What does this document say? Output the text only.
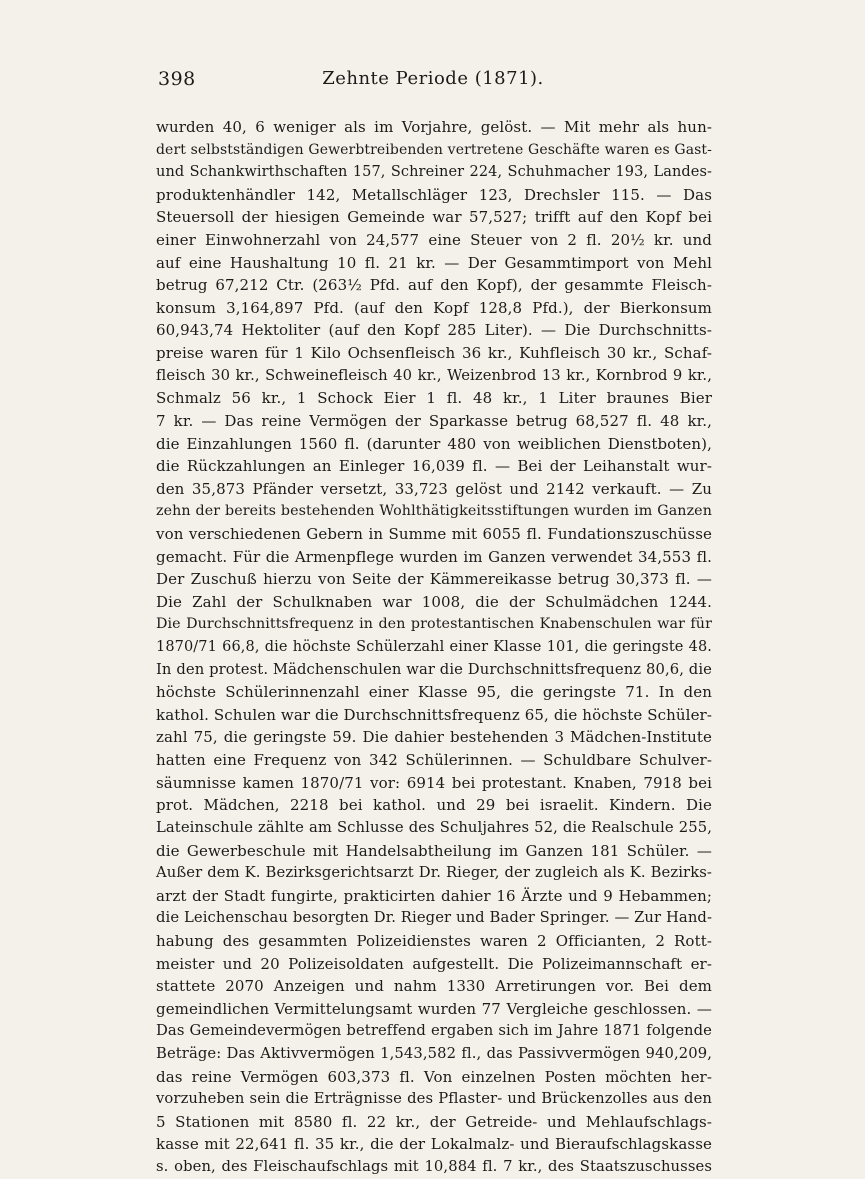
398	Zehnte Periode (1871).
wurden 40, 6 weniger als im Vorjahre, gelöst. — Mit mehr als hun-
dert selbstständigen Gewerbtreibenden vertretene Geschäfte waren es Gast-
und Schankwirthschaften 157, Schreiner 224, Schuhmacher 193, Landes-
produktenhändler 142, Metallschläger 123, Drechsler 115. — Das
Steuersoll der hiesigen Gemeinde war 57,527; trifft auf den Kopf bei
einer Einwohnerzahl von 24,577 eine Steuer von 2 fl. 20½ kr. und
auf eine Haushaltung 10 fl. 21 kr. — Der Gesammtimport von Mehl
betrug 67,212 Ctr. (263½ Pfd. auf den Kopf), der gesammte Fleisch-
konsum 3,164,897 Pfd. (auf den Kopf 128,8 Pfd.), der Bierkonsum
60,943,74 Hektoliter (auf den Kopf 285 Liter). — Die Durchschnitts-
preise waren für 1 Kilo Ochsenfleisch 36 kr., Kuhfleisch 30 kr., Schaf-
fleisch 30 kr., Schweinefleisch 40 kr., Weizenbrod 13 kr., Kornbrod 9 kr.,
Schmalz 56 kr., 1 Schock Eier 1 fl. 48 kr., 1 Liter braunes Bier
7 kr. — Das reine Vermögen der Sparkasse betrug 68,527 fl. 48 kr.,
die Einzahlungen 1560 fl. (darunter 480 von weiblichen Dienstboten),
die Rückzahlungen an Einleger 16,039 fl. — Bei der Leihanstalt wur-
den 35,873 Pfänder versetzt, 33,723 gelöst und 2142 verkauft. — Zu
zehn der bereits bestehenden Wohlthätigkeitsstiftungen wurden im Ganzen
von verschiedenen Gebern in Summe mit 6055 fl. Fundationszuschüsse
gemacht. Für die Armenpflege wurden im Ganzen verwendet 34,553 fl.
Der Zuschuß hierzu von Seite der Kämmereikasse betrug 30,373 fl. —
Die Zahl der Schulknaben war 1008, die der Schulmädchen 1244.
Die Durchschnittsfrequenz in den protestantischen Knabenschulen war für
1870/71 66,8, die höchste Schülerzahl einer Klasse 101, die geringste 48.
In den protest. Mädchenschulen war die Durchschnittsfrequenz 80,6, die
höchste Schülerinnenzahl einer Klasse 95, die geringste 71. In den
kathol. Schulen war die Durchschnittsfrequenz 65, die höchste Schüler-
zahl 75, die geringste 59. Die dahier bestehenden 3 Mädchen-Institute
hatten eine Frequenz von 342 Schülerinnen. — Schuldbare Schulver-
säumnisse kamen 1870/71 vor: 6914 bei protestant. Knaben, 7918 bei
prot. Mädchen, 2218 bei kathol. und 29 bei israelit. Kindern. Die
Lateinschule zählte am Schlusse des Schuljahres 52, die Realschule 255,
die Gewerbeschule mit Handelsabtheilung im Ganzen 181 Schüler. —
Außer dem K. Bezirksgerichtsarzt Dr. Rieger, der zugleich als K. Bezirks-
arzt der Stadt fungirte, prakticirten dahier 16 Ärzte und 9 Hebammen;
die Leichenschau besorgten Dr. Rieger und Bader Springer. — Zur Hand-
habung des gesammten Polizeidienstes waren 2 Officianten, 2 Rott-
meister und 20 Polizeisoldaten aufgestellt. Die Polizeimannschaft er-
stattete 2070 Anzeigen und nahm 1330 Arretirungen vor. Bei dem
gemeindlichen Vermittelungsamt wurden 77 Vergleiche geschlossen. —
Das Gemeindevermögen betreffend ergaben sich im Jahre 1871 folgende
Beträge: Das Aktivvermögen 1,543,582 fl., das Passivvermögen 940,209,
das reine Vermögen 603,373 fl. Von einzelnen Posten möchten her-
vorzuheben sein die Erträgnisse des Pflaster- und Brückenzolles aus den
5 Stationen mit 8580 fl. 22 kr., der Getreide- und Mehlaufschlags-
kasse mit 22,641 fl. 35 kr., die der Lokalmalz- und Bieraufschlagskasse
s. oben, des Fleischaufschlags mit 10,884 fl. 7 kr., des Staatszuschusses
